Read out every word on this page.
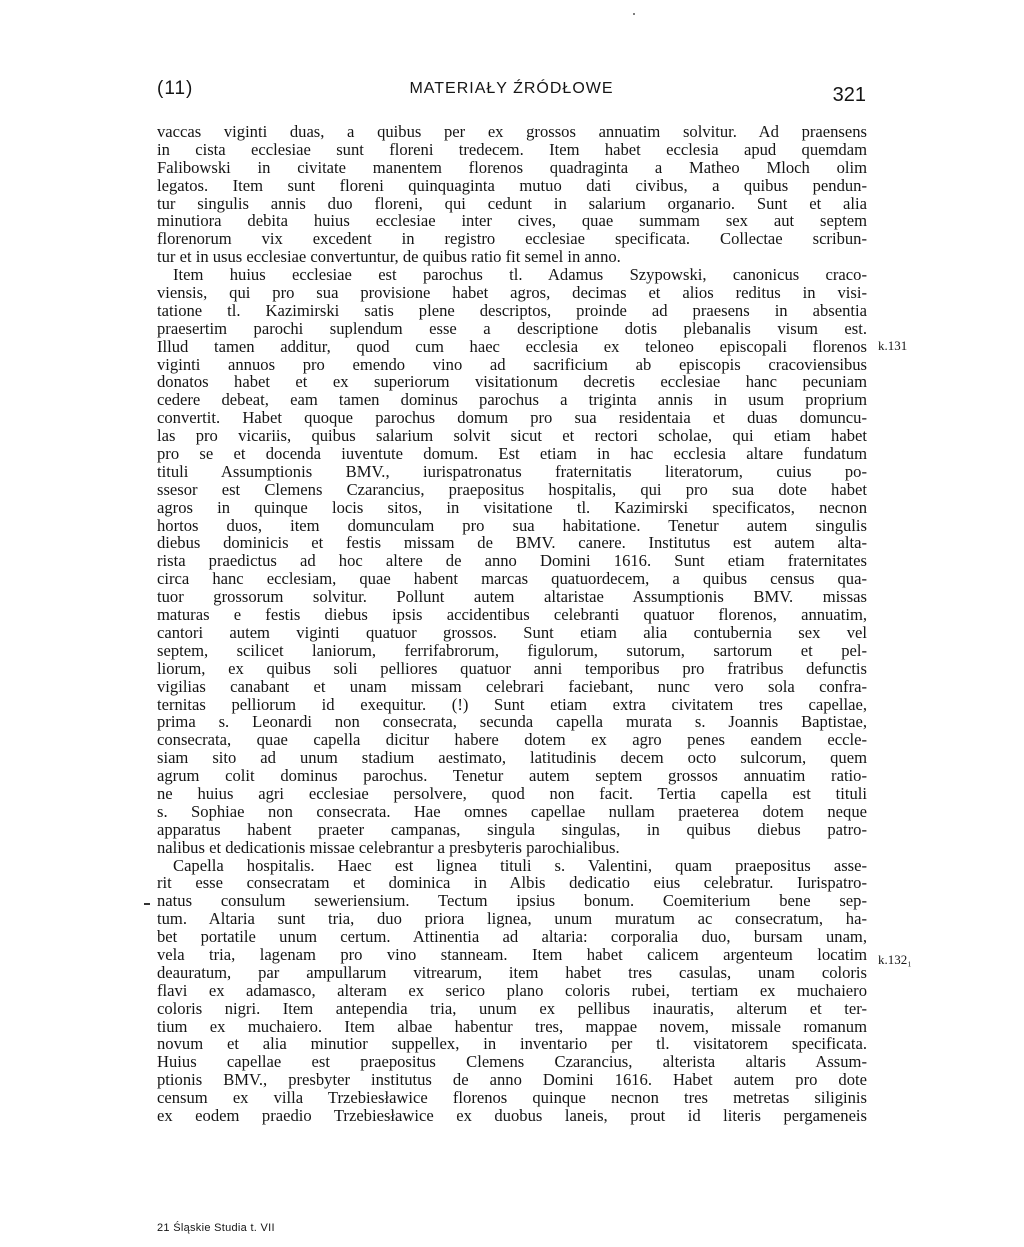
(11)	MATERIAŁY ŹRÓDŁOWE	321
vaccas viginti duas, a quibus per ex grossos annuatim solvitur. Ad praensens
in cista ecclesiae sunt floreni tredecem. Item habet ecclesia apud quemdam
Falibowski in civitate manentem florenos quadraginta a Matheo Mloch olim
legatos. Item sunt floreni quinquaginta mutuo dati civibus, a quibus pendun-
tur singulis annis duo floreni, qui cedunt in salarium organario. Sunt et alia
minutiora debita huius ecclesiae inter cives, quae summam sex aut septem
florenorum vix excedent in registro ecclesiae specificata. Collectae scribun-
tur et in usus ecclesiae convertuntur, de quibus ratio fit semel in anno.
Item huius ecclesiae est parochus tl. Adamus Szypowski, canonicus craco-
viensis, qui pro sua provisione habet agros, decimas et alios reditus in visi-
tatione tl. Kazimirski satis plene descriptos, proinde ad praesens in absentia
praesertim parochi suplendum esse a descriptione dotis plebanalis visum est.
Illud tamen additur, quod cum haec ecclesia ex teloneo episcopali florenos
viginti annuos pro emendo vino ad sacrificium ab episcopis cracoviensibus
donatos habet et ex superiorum visitationum decretis ecclesiae hanc pecuniam
cedere debeat, eam tamen dominus parochus a triginta annis in usum proprium
convertit. Habet quoque parochus domum pro sua residentaia et duas domuncu-
las pro vicariis, quibus salarium solvit sicut et rectori scholae, qui etiam habet
pro se et docenda iuventute domum. Est etiam in hac ecclesia altare fundatum
tituli Assumptionis BMV., iurispatronatus fraternitatis literatorum, cuius po-
ssesor est Clemens Czarancius, praepositus hospitalis, qui pro sua dote habet
agros in quinque locis sitos, in visitatione tl. Kazimirski specificatos, necnon
hortos duos, item domunculam pro sua habitatione. Tenetur autem singulis
diebus dominicis et festis missam de BMV. canere. Institutus est autem alta-
rista praedictus ad hoc altere de anno Domini 1616. Sunt etiam fraternitates
circa hanc ecclesiam, quae habent marcas quatuordecem, a quibus census qua-
tuor grossorum solvitur. Pollunt autem altaristae Assumptionis BMV. missas
maturas e festis diebus ipsis accidentibus celebranti quatuor florenos, annuatim,
cantori autem viginti quatuor grossos. Sunt etiam alia contubernia sex vel
septem, scilicet laniorum, ferrifabrorum, figulorum, sutorum, sartorum et pel-
liorum, ex quibus soli pelliores quatuor anni temporibus pro fratribus defunctis
vigilias canabant et unam missam celebrari faciebant, nunc vero sola confra-
ternitas pelliorum id exequitur. (!) Sunt etiam extra civitatem tres capellae,
prima s. Leonardi non consecrata, secunda capella murata s. Joannis Baptistae,
consecrata, quae capella dicitur habere dotem ex agro penes eandem eccle-
siam sito ad unum stadium aestimato, latitudinis decem octo sulcorum, quem
agrum colit dominus parochus. Tenetur autem septem grossos annuatim ratio-
ne huius agri ecclesiae persolvere, quod non facit. Tertia capella est tituli
s. Sophiae non consecrata. Hae omnes capellae nullam praeterea dotem neque
apparatus habent praeter campanas, singula singulas, in quibus diebus patro-
nalibus et dedicationis missae celebrantur a presbyteris parochialibus.
Capella hospitalis. Haec est lignea tituli s. Valentini, quam praepositus asse-
rit esse consecratam et dominica in Albis dedicatio eius celebratur. Iurispatro-
natus consulum seweriensium. Tectum ipsius bonum. Coemiterium bene sep-
tum. Altaria sunt tria, duo priora lignea, unum muratum ac consecratum, ha-
bet portatile unum certum. Attinentia ad altaria: corporalia duo, bursam unam,
vela tria, lagenam pro vino stanneam. Item habet calicem argenteum locatim
deauratum, par ampullarum vitrearum, item habet tres casulas, unam coloris
flavi ex adamasco, alteram ex serico plano coloris rubei, tertiam ex muchaiero
coloris nigri. Item antependia tria, unum ex pellibus inauratis, alterum et ter-
tium ex muchaiero. Item albae habentur tres, mappae novem, missale romanum
novum et alia minutior suppellex, in inventario per tl. visitatorem specificata.
Huius capellae est praepositus Clemens Czarancius, alterista altaris Assum-
ptionis BMV., presbyter institutus de anno Domini 1616. Habet autem pro dote
censum ex villa Trzebiesławice florenos quinque necnon tres metretas siliginis
ex eodem praedio Trzebiesławice ex duobus laneis, prout id literis pergameneis
k.131
k.132₁
21 Śląskie Studia t. VII
